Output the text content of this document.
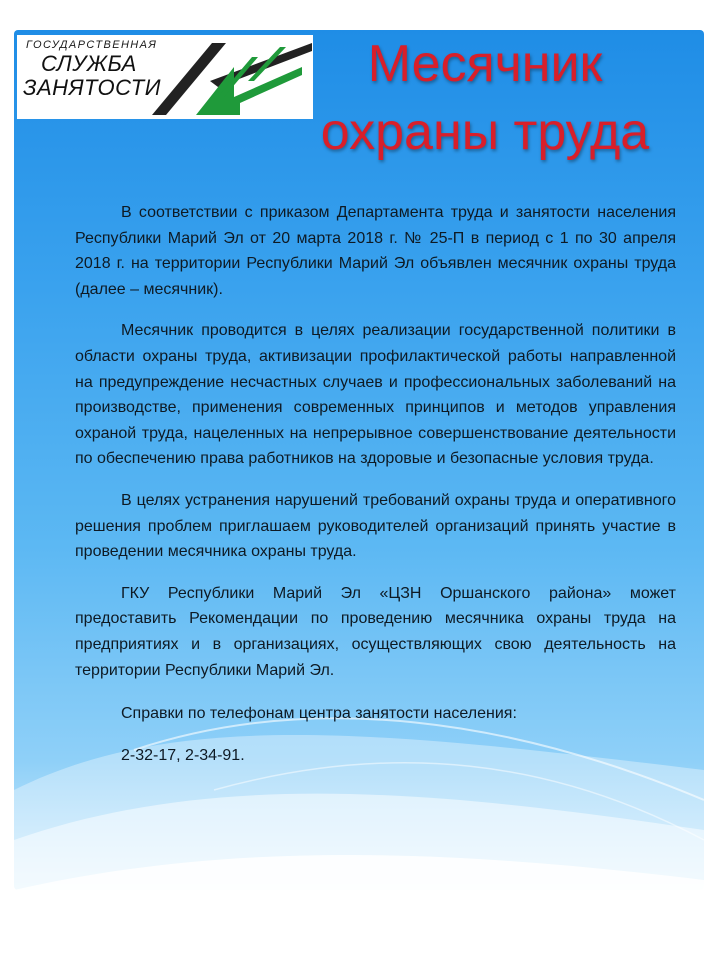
ГОСУДАРСТВЕННАЯ
СЛУЖБА
ЗАНЯТОСТИ	Месячник
охраны труда

В соответствии с приказом Департамента труда и занятости населения Республики Марий Эл от 20 марта 2018 г. № 25-П в период с 1 по 30 апреля 2018 г. на территории Республики Марий Эл объявлен месячник охраны труда (далее – месячник).

Месячник проводится в целях реализации государственной политики в области охраны труда, активизации профилактической работы направленной на предупреждение несчастных случаев и профессиональных заболеваний на производстве, применения современных принципов и методов управления охраной труда, нацеленных на непрерывное совершенствование деятельности по обеспечению права работников на здоровые и безопасные условия труда.

В целях устранения нарушений требований охраны труда и оперативного решения проблем приглашаем руководителей организаций принять участие в проведении месячника охраны труда.

ГКУ Республики Марий Эл «ЦЗН Оршанского района» может предоставить Рекомендации по проведению месячника охраны труда на предприятиях и в организациях, осуществляющих свою деятельность на территории Республики Марий Эл.

Справки по телефонам центра занятости населения:

2-32-17, 2-34-91.
